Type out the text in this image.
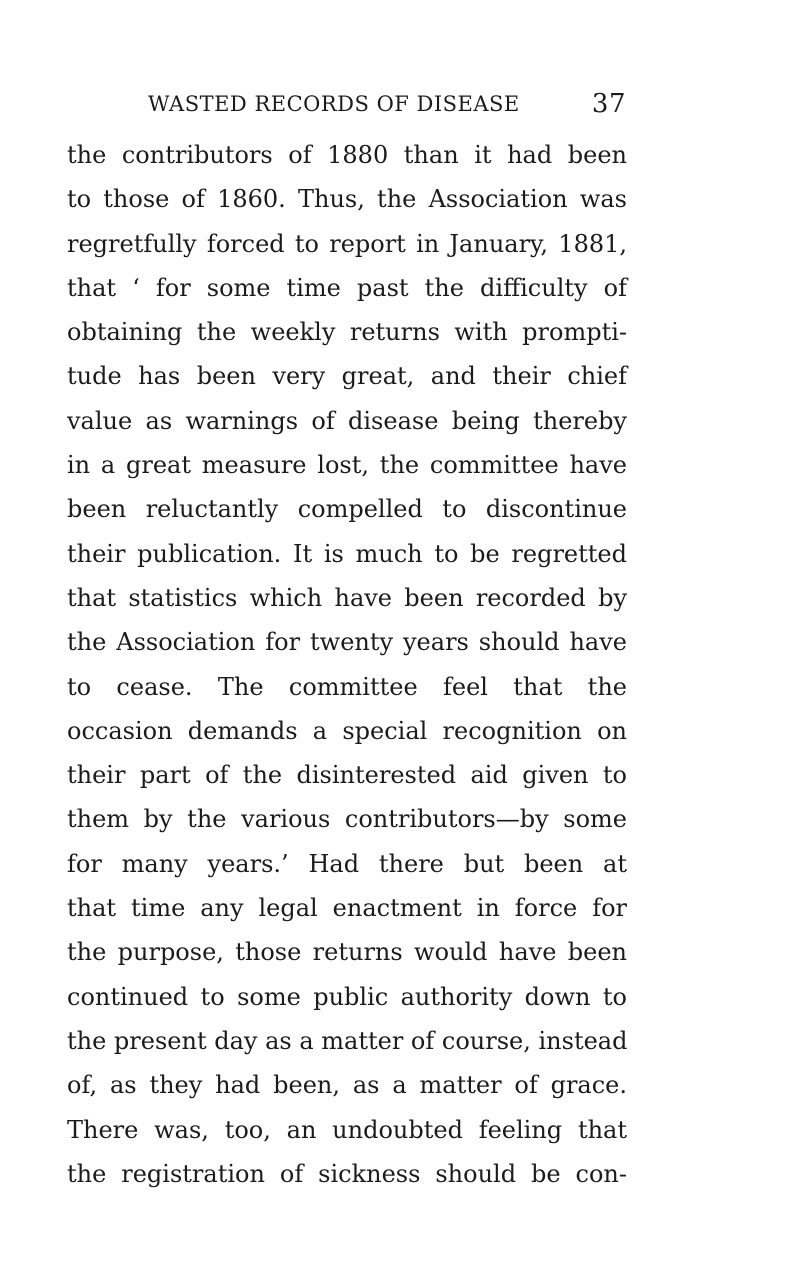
WASTED RECORDS OF DISEASE	37
the contributors of 1880 than it had been
to those of 1860. Thus, the Association was
regretfully forced to report in January, 1881,
that ‘ for some time past the difficulty of
obtaining the weekly returns with prompti-
tude has been very great, and their chief
value as warnings of disease being thereby
in a great measure lost, the committee have
been reluctantly compelled to discontinue
their publication. It is much to be regretted
that statistics which have been recorded by
the Association for twenty years should have
to cease. The committee feel that the
occasion demands a special recognition on
their part of the disinterested aid given to
them by the various contributors—by some
for many years.’ Had there but been at
that time any legal enactment in force for
the purpose, those returns would have been
continued to some public authority down to
the present day as a matter of course, instead
of, as they had been, as a matter of grace.
There was, too, an undoubted feeling that
the registration of sickness should be con-
